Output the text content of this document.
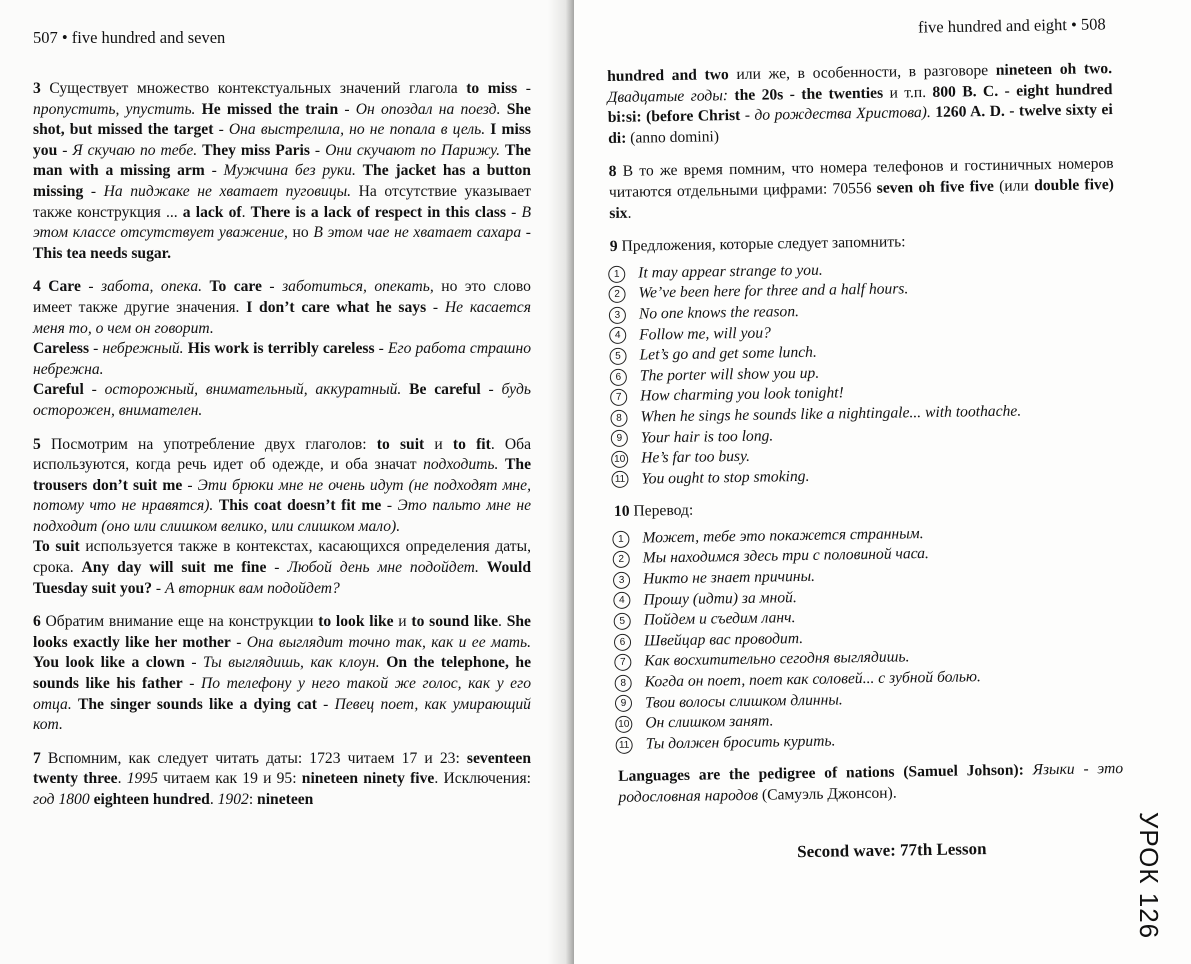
507 • five hundred and seven

3 Существует множество контекстуальных значений глагола to miss - пропустить, упустить. He missed the train - Он опоздал на поезд. She shot, but missed the target - Она выстрелила, но не попала в цель. I miss you - Я скучаю по тебе. They miss Paris - Они скучают по Парижу. The man with a missing arm - Мужчина без руки. The jacket has a button missing - На пиджаке не хватает пуговицы. На отсутствие указывает также конструкция ... a lack of. There is a lack of respect in this class - В этом классе отсутствует уважение, но В этом чае не хватает сахара - This tea needs sugar.

4 Care - забота, опека. To care - заботиться, опекать, но это слово имеет также другие значения. I don’t care what he says - Не касается меня то, о чем он говорит.

Careless - небрежный. His work is terribly careless - Его работа страшно небрежна.

Careful - осторожный, внимательный, аккуратный. Be careful - будь осторожен, внимателен.

5 Посмотрим на употребление двух глаголов: to suit и to fit. Оба используются, когда речь идет об одежде, и оба значат подходить. The trousers don’t suit me - Эти брюки мне не очень идут (не подходят мне, потому что не нравятся). This coat doesn’t fit me - Это пальто мне не подходит (оно или слишком велико, или слишком мало).

To suit используется также в контекстах, касающихся определения даты, срока. Any day will suit me fine - Любой день мне подойдет. Would Tuesday suit you? - А вторник вам подойдет?

6 Обратим внимание еще на конструкции to look like и to sound like. She looks exactly like her mother - Она выглядит точно так, как и ее мать. You look like a clown - Ты выглядишь, как клоун. On the telephone, he sounds like his father - По телефону у него такой же голос, как у его отца. The singer sounds like a dying cat - Певец поет, как умирающий кот.

7 Вспомним, как следует читать даты: 1723 читаем 17 и 23: seventeen twenty three. 1995 читаем как 19 и 95: nineteen ninety five. Исключения: год 1800 eighteen hundred. 1902: nineteen

five hundred and eight • 508
hundred and two или же, в особенности, в разговоре nineteen oh two. Двадцатые годы: the 20s - the twenties и т.п. 800 B. C. - eight hundred bi:si: (before Christ - до рождества Христова). 1260 A. D. - twelve sixty ei di: (anno domini)
8 В то же время помним, что номера телефонов и гостиничных номеров читаются отдельными цифрами: 70556 seven oh five five (или double five) six.
9 Предложения, которые следует запомнить:
1	It may appear strange to you.
2	We’ve been here for three and a half hours.
3	No one knows the reason.
4	Follow me, will you?
5	Let’s go and get some lunch.
6	The porter will show you up.
7	How charming you look tonight!
8	When he sings he sounds like a nightingale... with toothache.
9	Your hair is too long.
10 He’s far too busy.
11 You ought to stop smoking.
10 Перевод:
1	Может, тебе это покажется странным.
2	Мы находимся здесь три с половиной часа.
3	Никто не знает причины.
4	Прошу (идти) за мной.
5	Пойдем и съедим ланч.
6	Швейцар вас проводит.
7	Как восхитительно сегодня выглядишь.
8	Когда он поет, поет как соловей... с зубной болью.
9	Твои волосы слишком длинны.
10 Он слишком занят.
11 Ты должен бросить курить.
Languages are the pedigree of nations (Samuel Johson): Языки - это родословная народов (Самуэль Джонсон).
Second wave: 77th Lesson	УРОК 126
